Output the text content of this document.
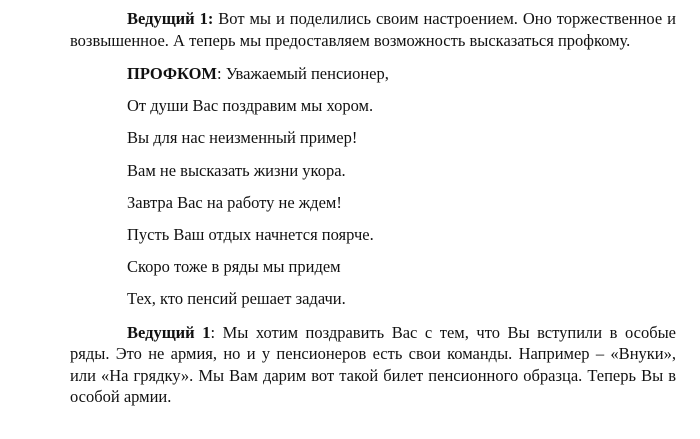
Ведущий 1: Вот мы и поделились своим настроением. Оно торжественное и возвышенное. А теперь мы предоставляем возможность высказаться профкому.

ПРОФКОМ: Уважаемый пенсионер,

От души Вас поздравим мы хором.

Вы для нас неизменный пример!

Вам не высказать жизни укора.

Завтра Вас на работу не ждем!

Пусть Ваш отдых начнется поярче.

Скоро тоже в ряды мы придем

Тех, кто пенсий решает задачи.

Ведущий 1: Мы хотим поздравить Вас с тем, что Вы вступили в особые ряды. Это не армия, но и у пенсионеров есть свои команды. Например – «Внуки», или «На грядку». Мы Вам дарим вот такой билет пенсионного образца. Теперь Вы в особой армии.
